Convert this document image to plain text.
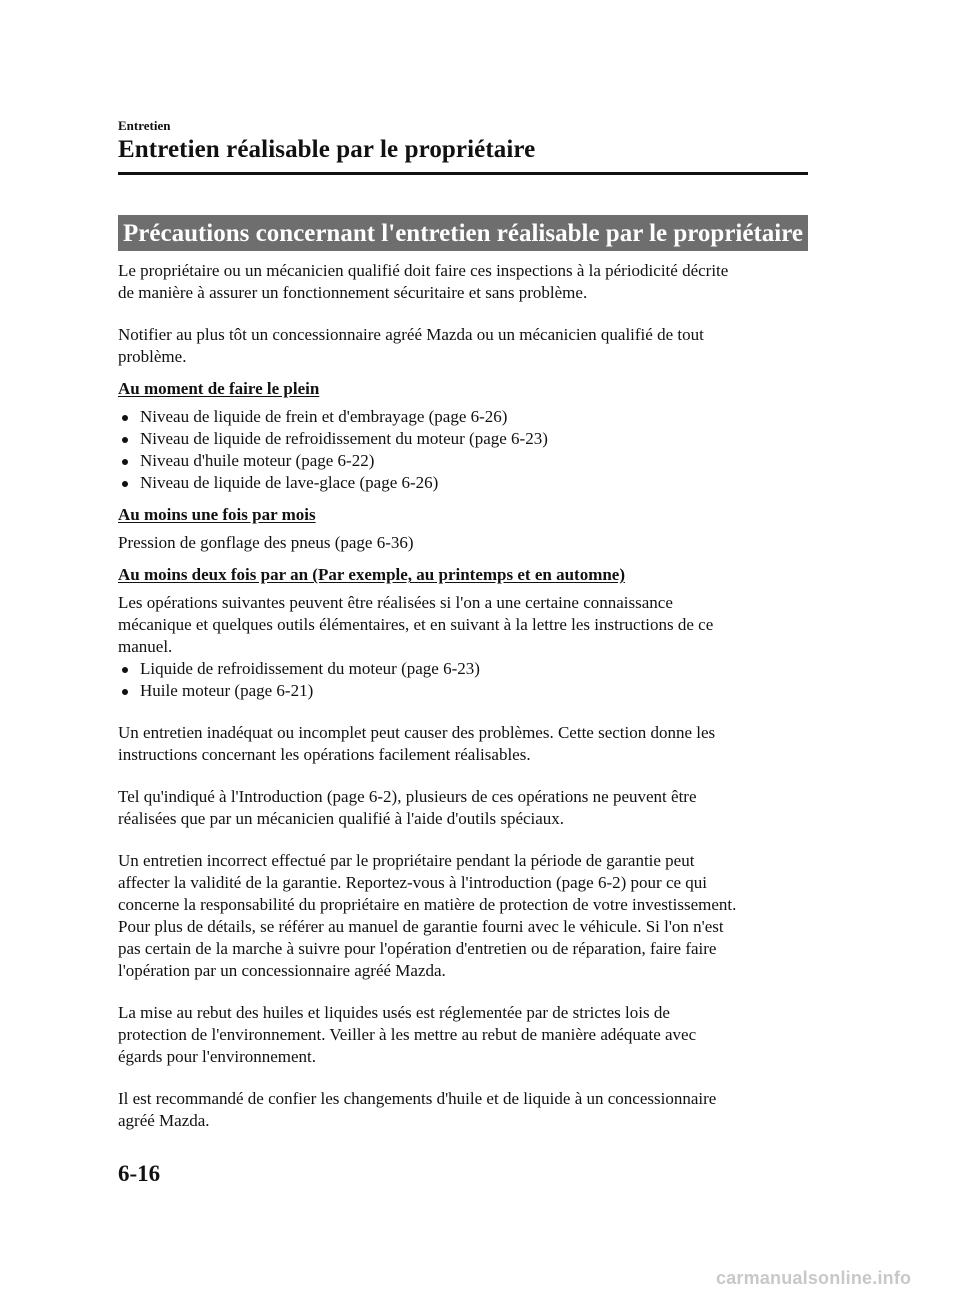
Entretien
Entretien réalisable par le propriétaire
Précautions concernant l'entretien réalisable par le propriétaire

Le propriétaire ou un mécanicien qualifié doit faire ces inspections à la périodicité décrite
de manière à assurer un fonctionnement sécuritaire et sans problème.

Notifier au plus tôt un concessionnaire agréé Mazda ou un mécanicien qualifié de tout
problème.

Au moment de faire le plein

Niveau de liquide de frein et d'embrayage (page 6-26)
Niveau de liquide de refroidissement du moteur (page 6-23)
Niveau d'huile moteur (page 6-22)
Niveau de liquide de lave-glace (page 6-26)

Au moins une fois par mois

Pression de gonflage des pneus (page 6-36)

Au moins deux fois par an (Par exemple, au printemps et en automne)

Les opérations suivantes peuvent être réalisées si l'on a une certaine connaissance
mécanique et quelques outils élémentaires, et en suivant à la lettre les instructions de ce
manuel.

Liquide de refroidissement du moteur (page 6-23)
Huile moteur (page 6-21)

Un entretien inadéquat ou incomplet peut causer des problèmes. Cette section donne les
instructions concernant les opérations facilement réalisables.

Tel qu'indiqué à l'Introduction (page 6-2), plusieurs de ces opérations ne peuvent être
réalisées que par un mécanicien qualifié à l'aide d'outils spéciaux.

Un entretien incorrect effectué par le propriétaire pendant la période de garantie peut
affecter la validité de la garantie. Reportez-vous à l'introduction (page 6-2) pour ce qui
concerne la responsabilité du propriétaire en matière de protection de votre investissement.
Pour plus de détails, se référer au manuel de garantie fourni avec le véhicule. Si l'on n'est
pas certain de la marche à suivre pour l'opération d'entretien ou de réparation, faire faire
l'opération par un concessionnaire agréé Mazda.

La mise au rebut des huiles et liquides usés est réglementée par de strictes lois de
protection de l'environnement. Veiller à les mettre au rebut de manière adéquate avec
égards pour l'environnement.

Il est recommandé de confier les changements d'huile et de liquide à un concessionnaire
agréé Mazda.

6-16
carmanualsonline.info
